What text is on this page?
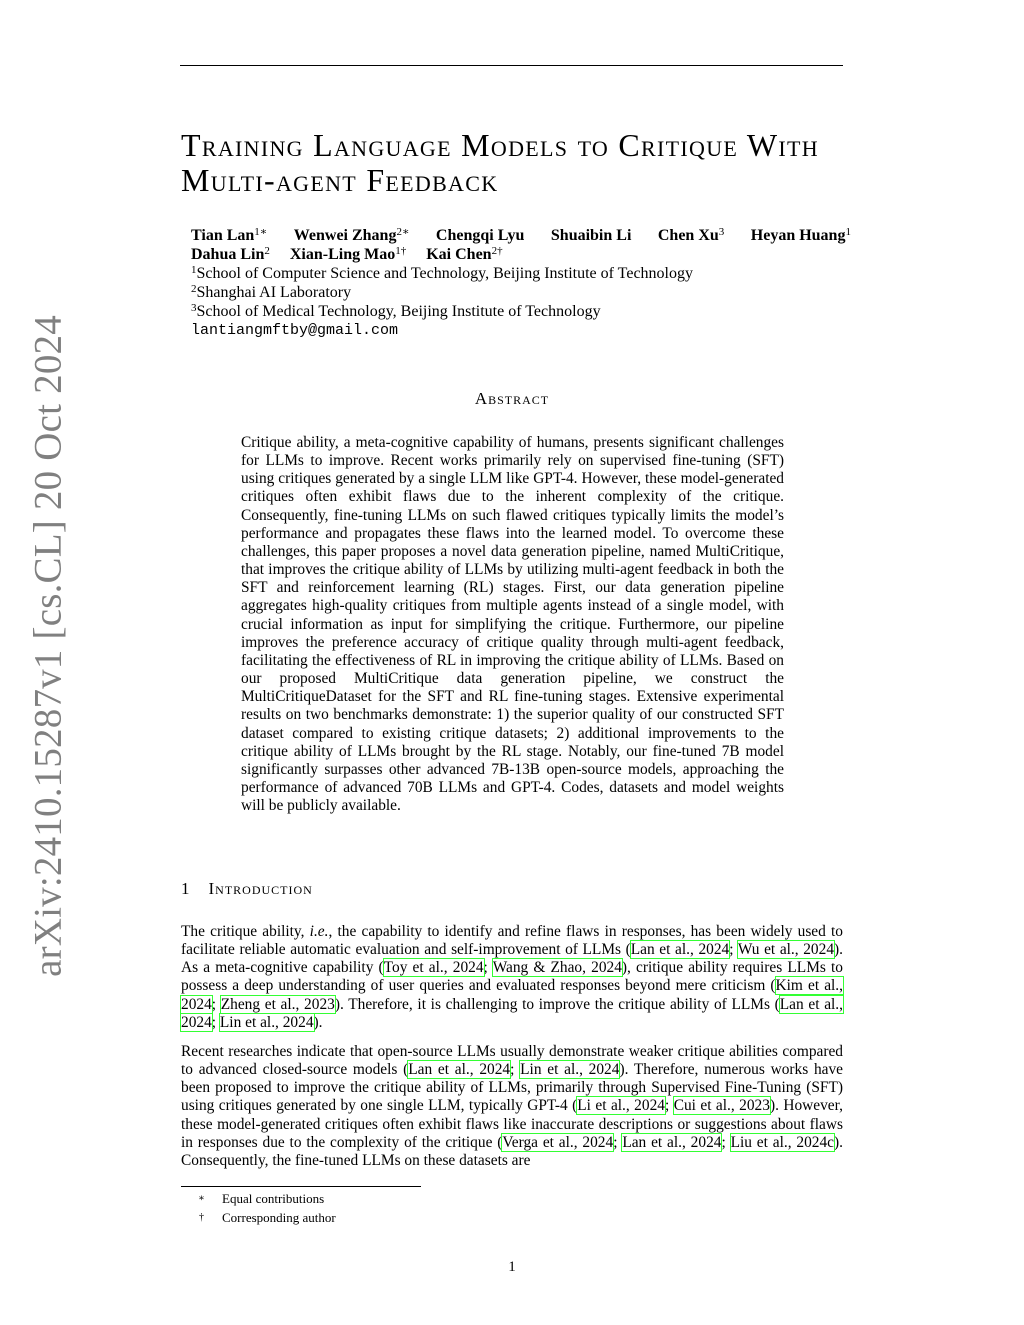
arXiv:2410.15287v1 [cs.CL] 20 Oct 2024
Training Language Models to Critique With Multi-agent Feedback
Tian Lan$^{1∗}$ Wenwei Zhang$^{2∗}$ Chengqi Lyu Shuaibin Li Chen Xu$^3$ Heyan Huang$^1$
Dahua Lin$^2$ Xian-Ling Mao$^{1\dagger}$ Kai Chen$^{2\dagger}$
$^1$School of Computer Science and Technology, Beijing Institute of Technology
$^2$Shanghai AI Laboratory
$^3$School of Medical Technology, Beijing Institute of Technology
lantiangmftby@gmail.com
Abstract

Critique ability, a meta-cognitive capability of humans, presents significant challenges for LLMs to improve. Recent works primarily rely on supervised fine-tuning (SFT) using critiques generated by a single LLM like GPT-4. However, these model-generated critiques often exhibit flaws due to the inherent complexity of the critique. Consequently, fine-tuning LLMs on such flawed critiques typically limits the model’s performance and propagates these flaws into the learned model. To overcome these challenges, this paper proposes a novel data generation pipeline, named MultiCritique, that improves the critique ability of LLMs by utilizing multi-agent feedback in both the SFT and reinforcement learning (RL) stages. First, our data generation pipeline aggregates high-quality critiques from multiple agents instead of a single model, with crucial information as input for simplifying the critique. Furthermore, our pipeline improves the preference accuracy of critique quality through multi-agent feedback, facilitating the effectiveness of RL in improving the critique ability of LLMs. Based on our proposed MultiCritique data generation pipeline, we construct the MultiCritiqueDataset for the SFT and RL fine-tuning stages. Extensive experimental results on two benchmarks demonstrate: 1) the superior quality of our constructed SFT dataset compared to existing critique datasets; 2) additional improvements to the critique ability of LLMs brought by the RL stage. Notably, our fine-tuned 7B model significantly surpasses other advanced 7B-13B open-source models, approaching the performance of advanced 70B LLMs and GPT-4. Codes, datasets and model weights will be publicly available.

1 Introduction

The critique ability, i.e., the capability to identify and refine flaws in responses, has been widely used to facilitate reliable automatic evaluation and self-improvement of LLMs (Lan et al., 2024; Wu et al., 2024). As a meta-cognitive capability (Toy et al., 2024; Wang & Zhao, 2024), critique ability requires LLMs to possess a deep understanding of user queries and evaluated responses beyond mere criticism (Kim et al., 2024; Zheng et al., 2023). Therefore, it is challenging to improve the critique ability of LLMs (Lan et al., 2024; Lin et al., 2024).

Recent researches indicate that open-source LLMs usually demonstrate weaker critique abilities compared to advanced closed-source models (Lan et al., 2024; Lin et al., 2024). Therefore, numerous works have been proposed to improve the critique ability of LLMs, primarily through Supervised Fine-Tuning (SFT) using critiques generated by one single LLM, typically GPT-4 (Li et al., 2024; Cui et al., 2023). However, these model-generated critiques often exhibit flaws like inaccurate descriptions or suggestions about flaws in responses due to the complexity of the critique (Verga et al., 2024; Lan et al., 2024; Liu et al., 2024c). Consequently, the fine-tuned LLMs on these datasets are

∗	Equal contributions
†	Corresponding author
1
